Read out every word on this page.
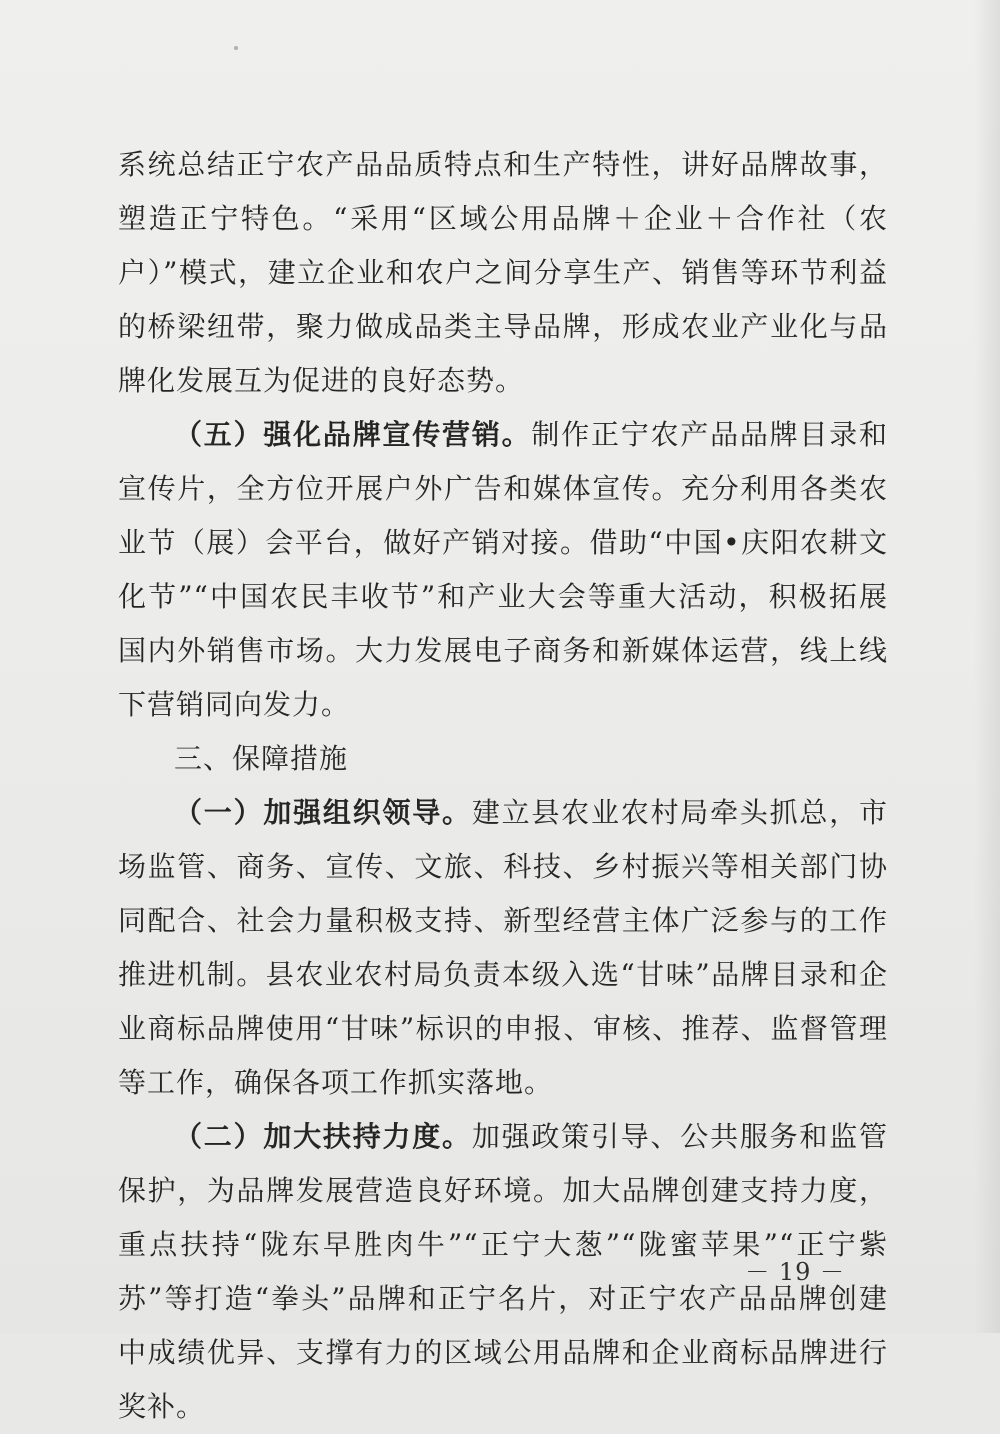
系统总结正宁农产品品质特点和生产特性，讲好品牌故事，塑造正宁特色。“采用“区域公用品牌＋企业＋合作社（农户）”模式，建立企业和农户之间分享生产、销售等环节利益的桥梁纽带，聚力做成品类主导品牌，形成农业产业化与品牌化发展互为促进的良好态势。

（五）强化品牌宣传营销。制作正宁农产品品牌目录和宣传片，全方位开展户外广告和媒体宣传。充分利用各类农业节（展）会平台，做好产销对接。借助“中国•庆阳农耕文化节”“中国农民丰收节”和产业大会等重大活动，积极拓展国内外销售市场。大力发展电子商务和新媒体运营，线上线下营销同向发力。

三、保障措施

（一）加强组织领导。建立县农业农村局牵头抓总，市场监管、商务、宣传、文旅、科技、乡村振兴等相关部门协同配合、社会力量积极支持、新型经营主体广泛参与的工作推进机制。县农业农村局负责本级入选“甘味”品牌目录和企业商标品牌使用“甘味”标识的申报、审核、推荐、监督管理等工作，确保各项工作抓实落地。

（二）加大扶持力度。加强政策引导、公共服务和监管保护，为品牌发展营造良好环境。加大品牌创建支持力度，重点扶持“陇东早胜肉牛”“正宁大葱”“陇蜜苹果”“正宁紫苏”等打造“拳头”品牌和正宁名片，对正宁农产品品牌创建中成绩优异、支撑有力的区域公用品牌和企业商标品牌进行奖补。

－ 19 －
